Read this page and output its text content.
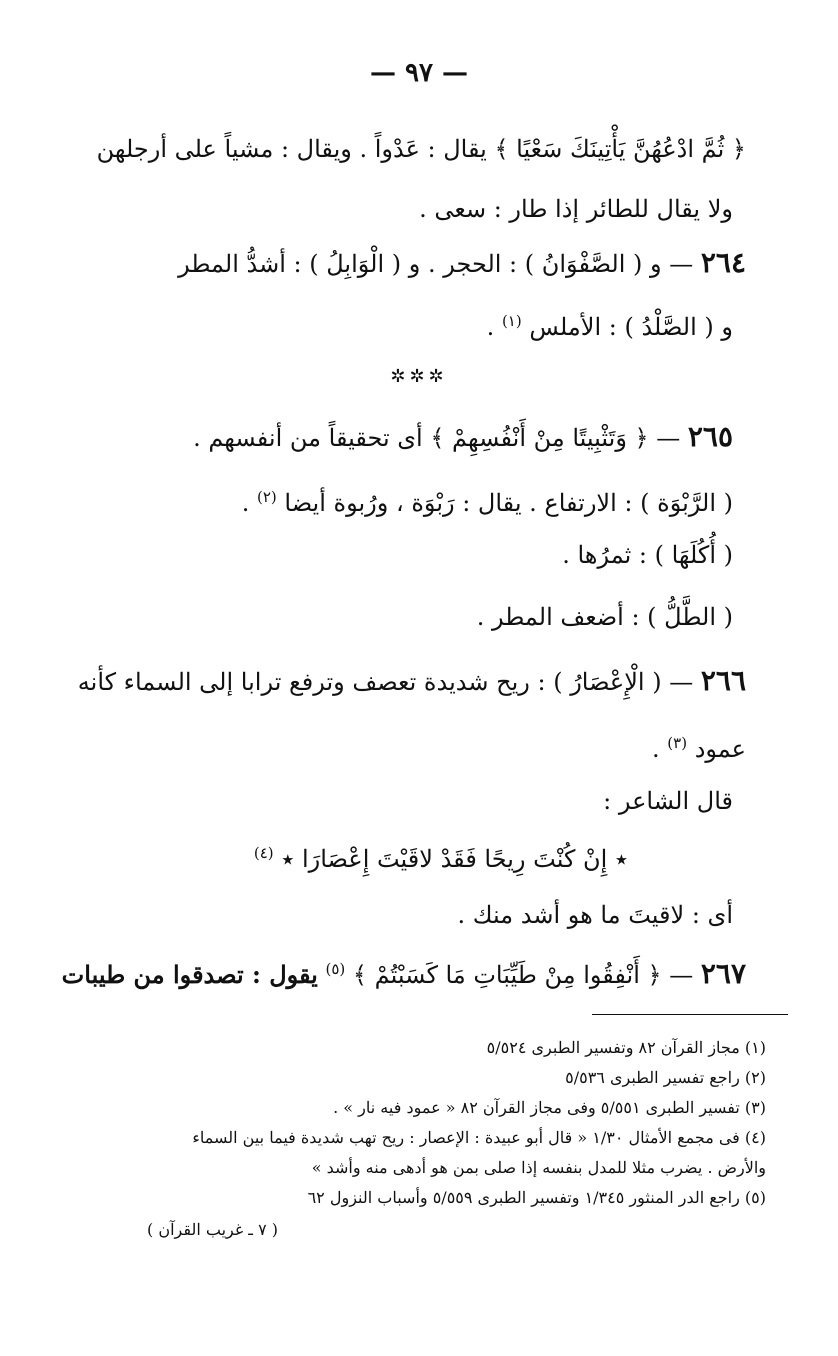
— ٩٧ —
﴿ ثُمَّ ادْعُهُنَّ يَأْتِينَكَ سَعْيًا ﴾ يقال : عَدْواً . ويقال : مشياً على أرجلهن
ولا يقال للطائر إذا طار : سعى .
٢٦٤ — و ( الصَّفْوَانُ ) : الحجر . و ( الْوَابِلُ ) : أشدُّ المطر
و ( الصَّلْدُ ) : الأملس $^{(١)}$ .
✲✲✲
٢٦٥ — ﴿ وَتَثْبِيتًا مِنْ أَنْفُسِهِمْ ﴾ أى تحقيقاً من أنفسهم .
( الرَّبْوَة ) : الارتفاع . يقال : رَبْوَة ، ورُبوة أيضا $^{(٢)}$ .
( أُكُلَهَا ) : ثمرُها .
( الطَّلُّ ) : أضعف المطر .
٢٦٦ — ( الْإِعْصَارُ ) : ريح شديدة تعصف وترفع ترابا إلى السماء كأنه
عمود $^{(٣)}$ .
قال الشاعر :
٭ إِنْ كُنْتَ رِيحًا فَقَدْ لاقَيْتَ إِعْصَارَا ٭ $^{(٤)}$
أى : لاقيتَ ما هو أشد منك .
٢٦٧ — ﴿ أَنْفِقُوا مِنْ طَيِّبَاتِ مَا كَسَبْتُمْ ﴾ $^{(٥)}$ يقول : تصدقوا من طيبات
(١) مجاز القرآن ٨٢ وتفسير الطبرى ٥/٥٢٤
(٢) راجع تفسير الطبرى ٥/٥٣٦
(٣) تفسير الطبرى ٥/٥٥١ وفى مجاز القرآن ٨٢ « عمود فيه نار » .
(٤) فى مجمع الأمثال ١/٣٠ « قال أبو عبيدة : الإعصار : ريح تهب شديدة فيما بين السماء
والأرض . يضرب مثلا للمدل بنفسه إذا صلى بمن هو أدهى منه وأشد »
(٥) راجع الدر المنثور ١/٣٤٥ وتفسير الطبرى ٥/٥٥٩ وأسباب النزول ٦٢
( ٧ ـ غريب القرآن )
